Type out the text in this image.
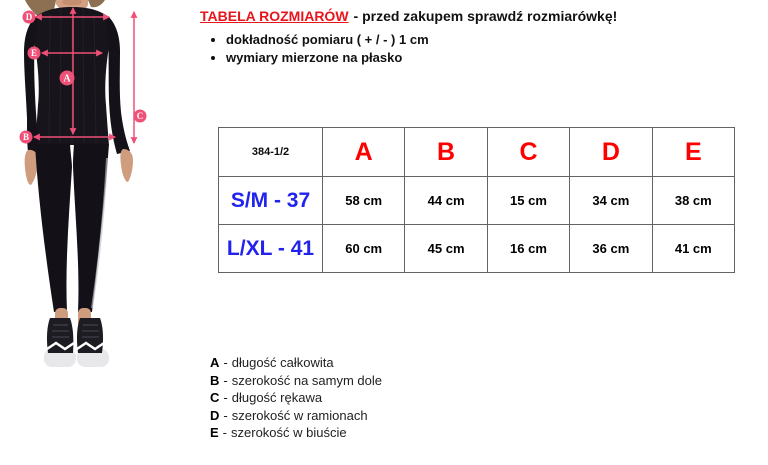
D
E
A
B
C
TABELA ROZMIARÓW - przed zakupem sprawdź rozmiarówkę!
• dokładność pomiaru ( + / - ) 1 cm
• wymiary mierzone na płasko
384-1/2	A	B	C	D	E
S/M - 37	58 cm	44 cm	15 cm	34 cm	38 cm
L/XL - 41	60 cm	45 cm	16 cm	36 cm	41 cm
A - długość całkowita
B - szerokość na samym dole
C - długość rękawa
D - szerokość w ramionach
E - szerokość w biuście
